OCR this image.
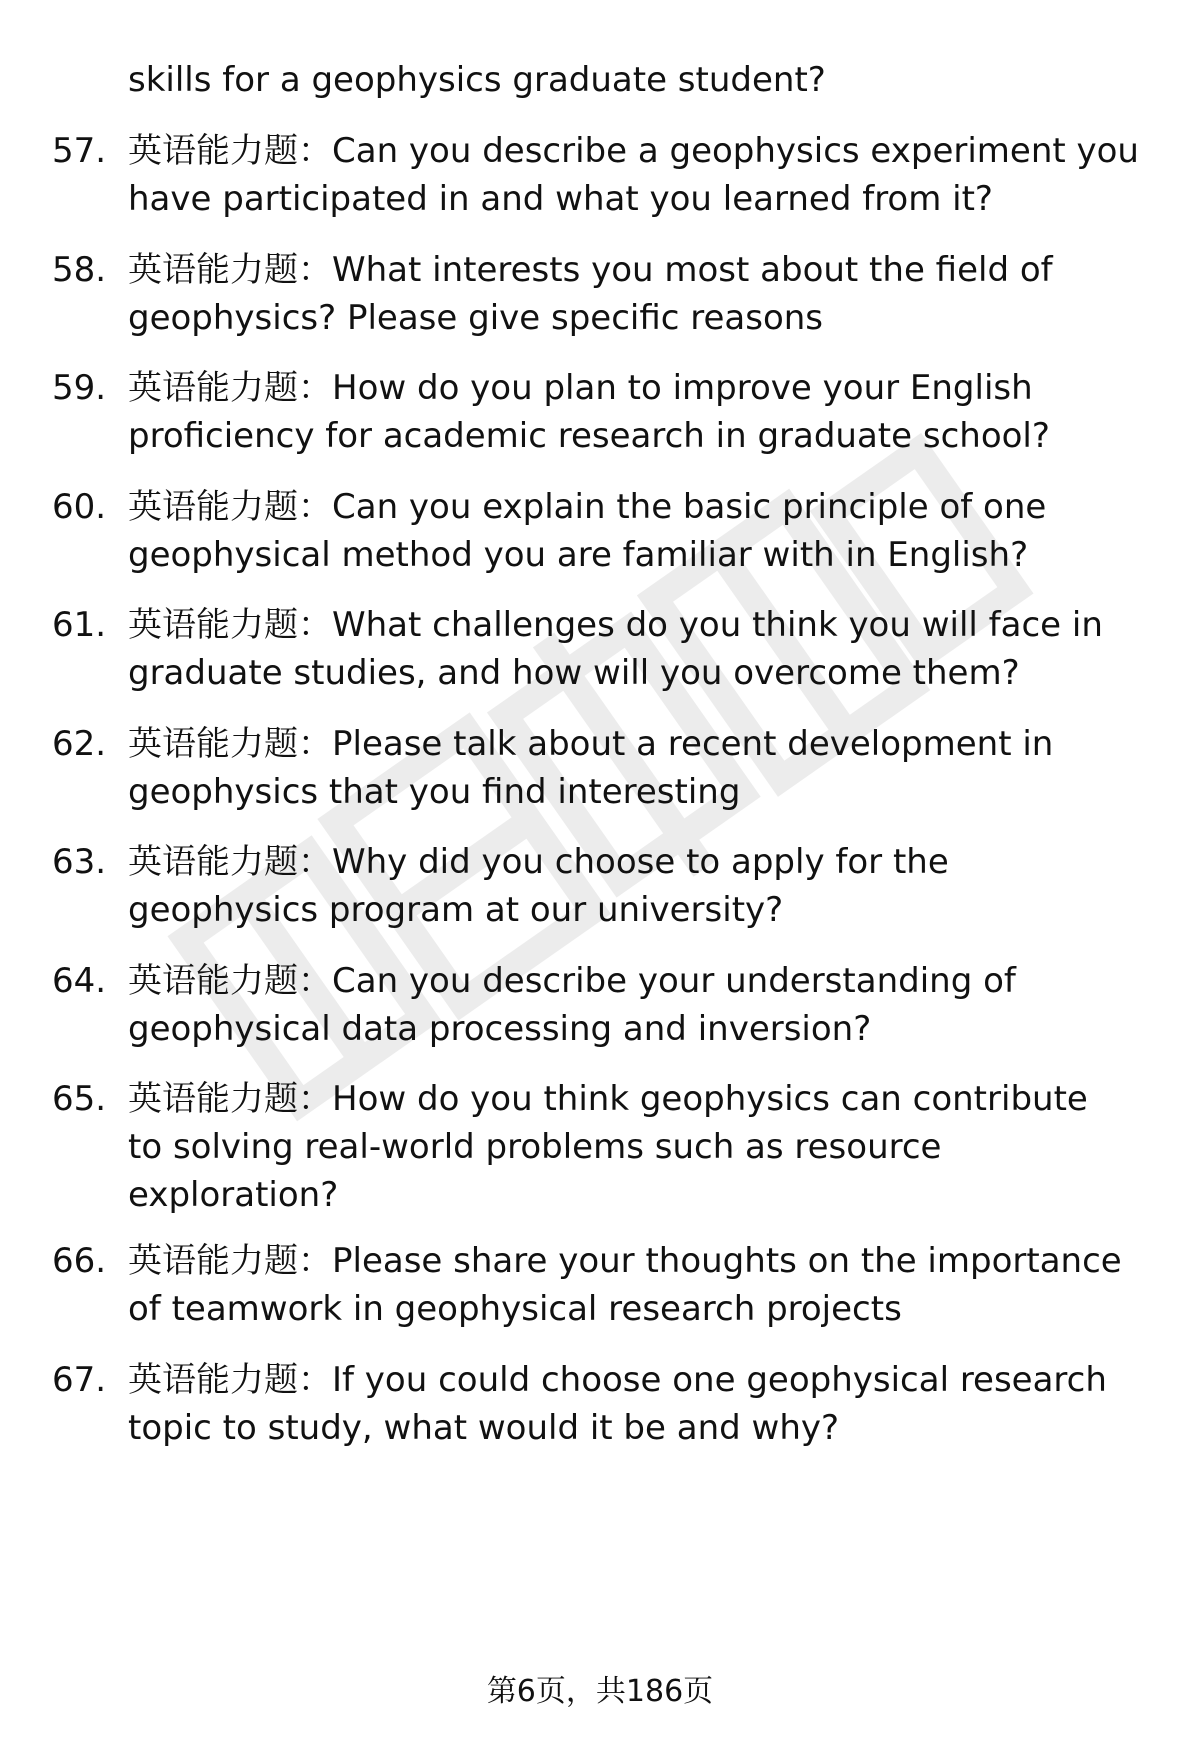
skills for a geophysics graduate student?

57. 英语能力题：Can you describe a geophysics experiment you
have participated in and what you learned from it?
58. 英语能力题：What interests you most about the field of
geophysics? Please give specific reasons
59. 英语能力题：How do you plan to improve your English
proficiency for academic research in graduate school?
60. 英语能力题：Can you explain the basic principle of one
geophysical method you are familiar with in English?
61. 英语能力题：What challenges do you think you will face in
graduate studies, and how will you overcome them?
62. 英语能力题：Please talk about a recent development in
geophysics that you find interesting
63. 英语能力题：Why did you choose to apply for the
geophysics program at our university?
64. 英语能力题：Can you describe your understanding of
geophysical data processing and inversion?
65. 英语能力题：How do you think geophysics can contribute
to solving real-world problems such as resource
exploration?
66. 英语能力题：Please share your thoughts on the importance
of teamwork in geophysical research projects
67. 英语能力题：If you could choose one geophysical research
topic to study, what would it be and why?
第6页，共186页
